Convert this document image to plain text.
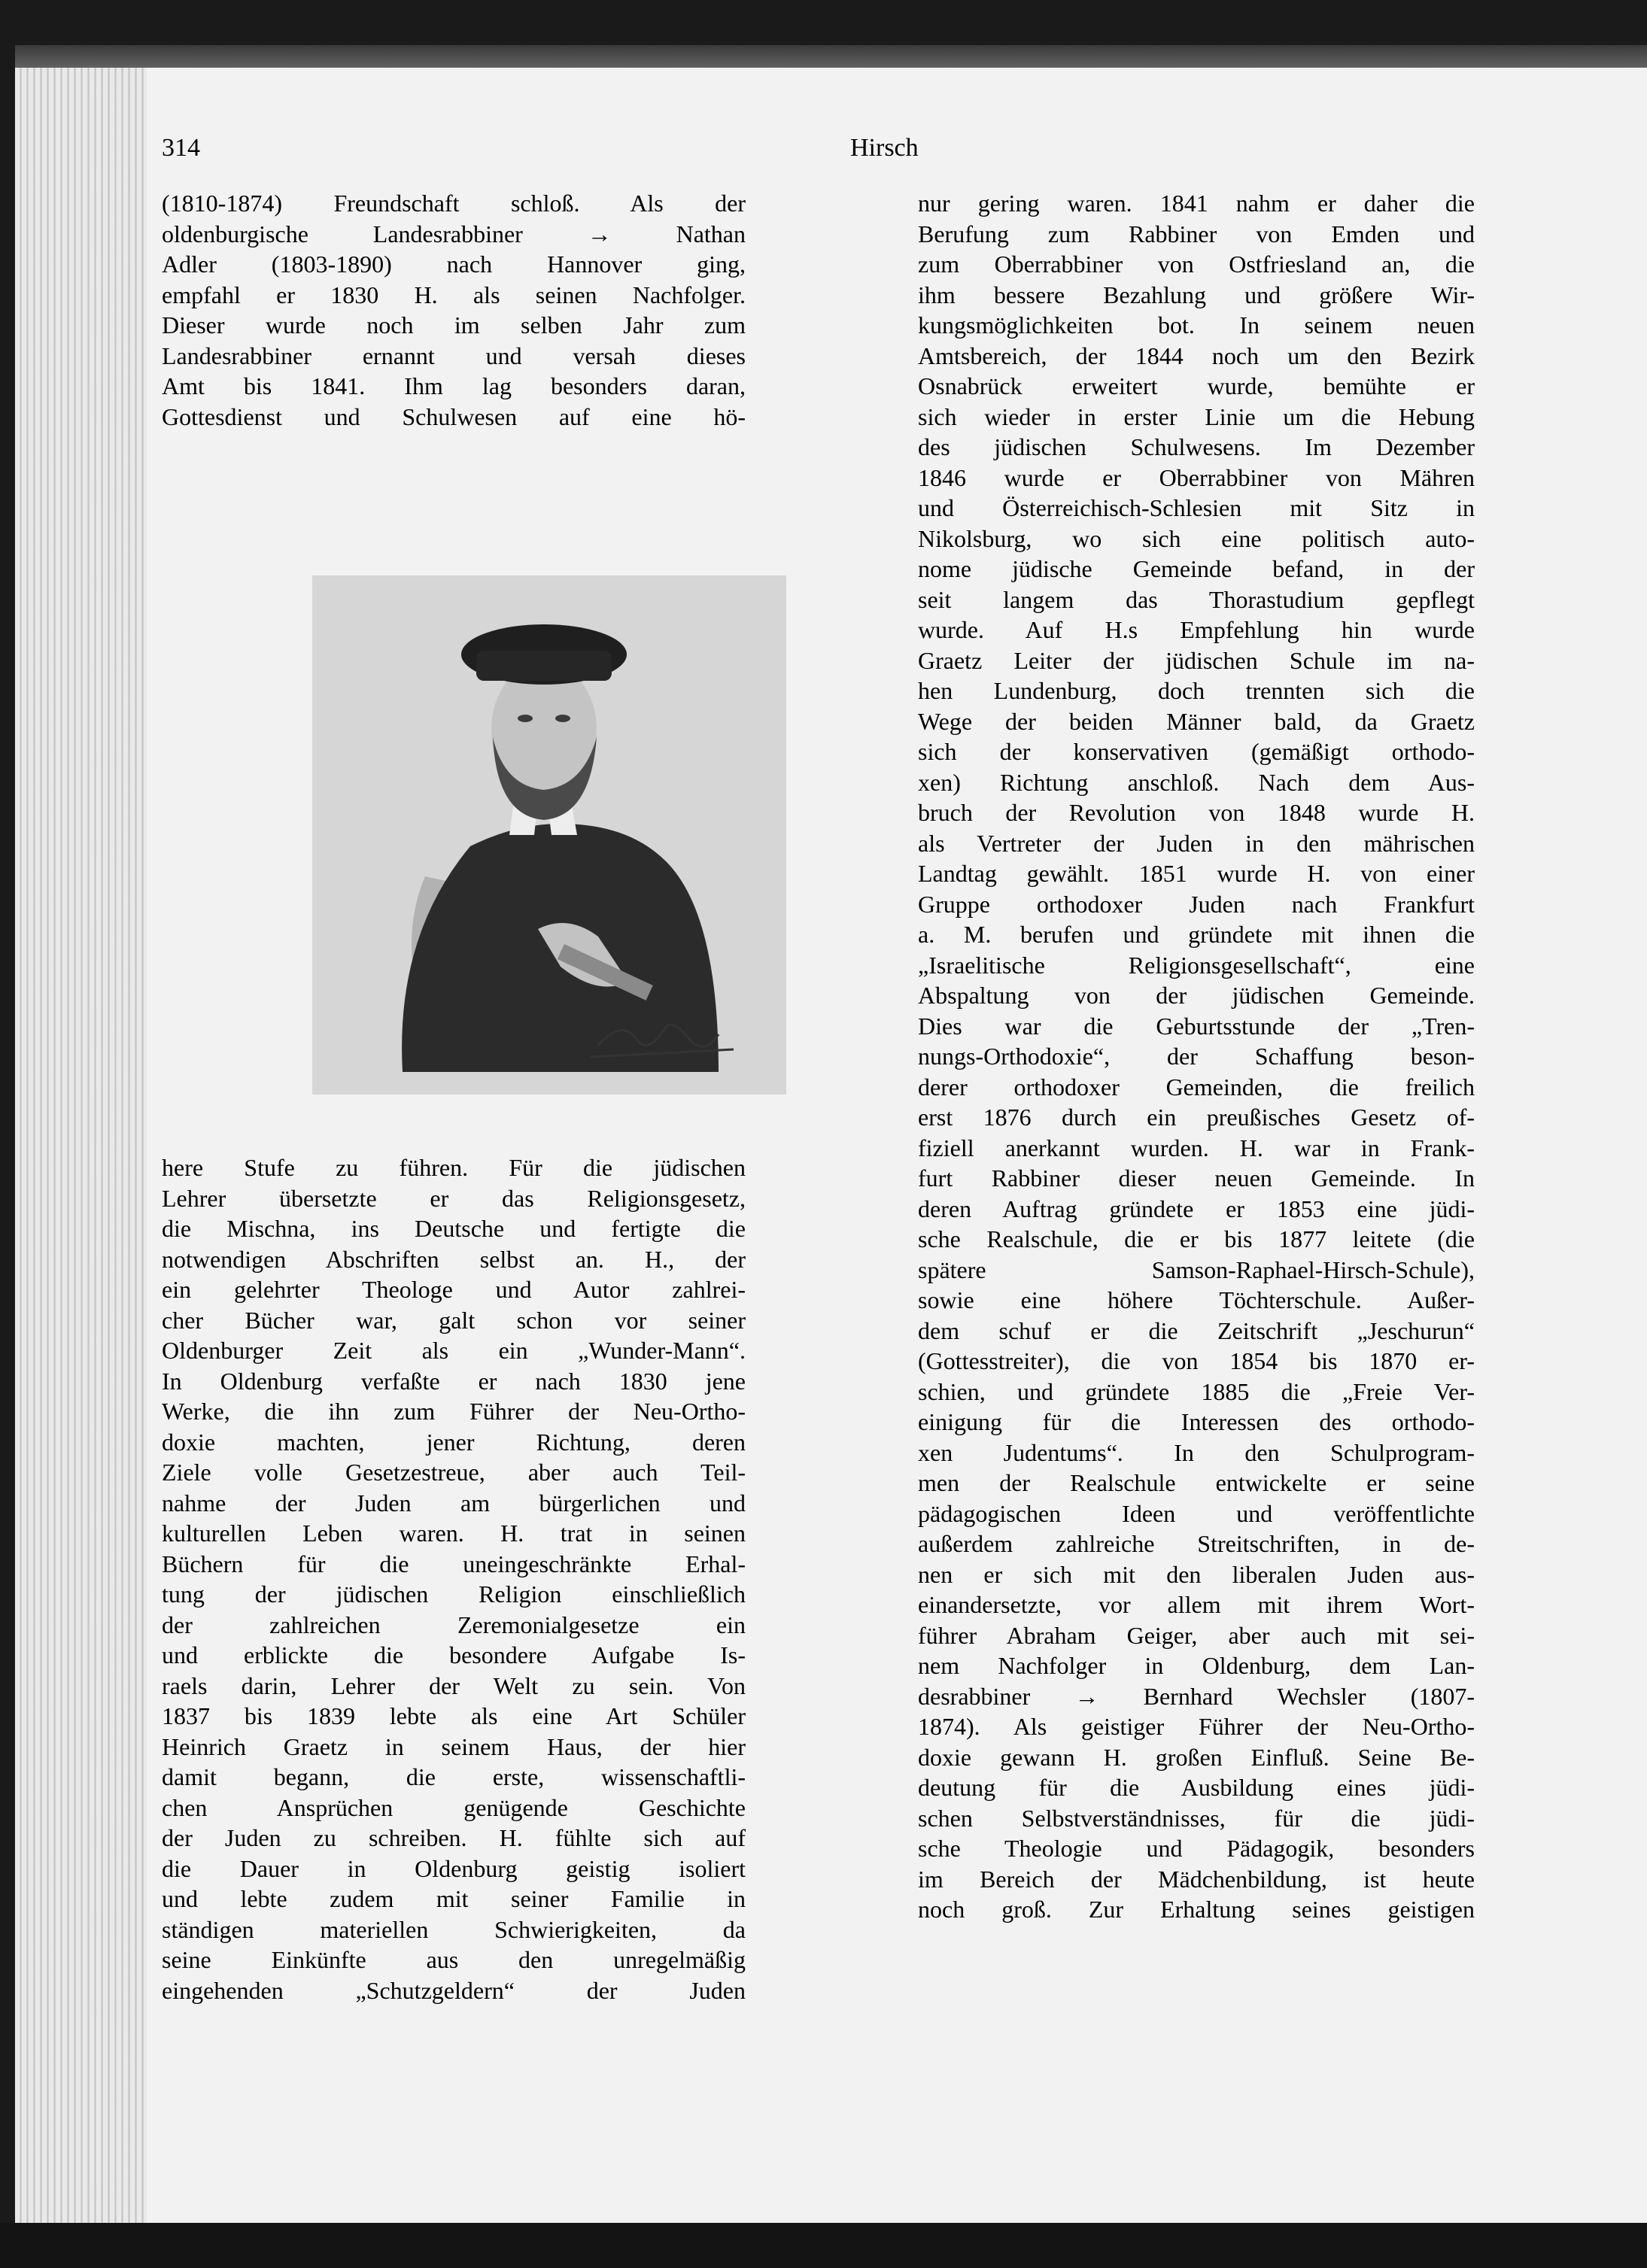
314	Hirsch
(1810-1874) Freundschaft schloß. Als der
oldenburgische Landesrabbiner → Nathan
Adler (1803-1890) nach Hannover ging,
empfahl er 1830 H. als seinen Nachfolger.
Dieser wurde noch im selben Jahr zum
Landesrabbiner ernannt und versah dieses
Amt bis 1841. Ihm lag besonders daran,
Gottesdienst und Schulwesen auf eine hö-
here Stufe zu führen. Für die jüdischen
Lehrer übersetzte er das Religionsgesetz,
die Mischna, ins Deutsche und fertigte die
notwendigen Abschriften selbst an. H., der
ein gelehrter Theologe und Autor zahlrei-
cher Bücher war, galt schon vor seiner
Oldenburger Zeit als ein „Wunder-Mann“.
In Oldenburg verfaßte er nach 1830 jene
Werke, die ihn zum Führer der Neu-Ortho-
doxie machten, jener Richtung, deren
Ziele volle Gesetzestreue, aber auch Teil-
nahme der Juden am bürgerlichen und
kulturellen Leben waren. H. trat in seinen
Büchern für die uneingeschränkte Erhal-
tung der jüdischen Religion einschließlich
der zahlreichen Zeremonialgesetze ein
und erblickte die besondere Aufgabe Is-
raels darin, Lehrer der Welt zu sein. Von
1837 bis 1839 lebte als eine Art Schüler
Heinrich Graetz in seinem Haus, der hier
damit begann, die erste, wissenschaftli-
chen Ansprüchen genügende Geschichte
der Juden zu schreiben. H. fühlte sich auf
die Dauer in Oldenburg geistig isoliert
und lebte zudem mit seiner Familie in
ständigen materiellen Schwierigkeiten, da
seine Einkünfte aus den unregelmäßig
eingehenden „Schutzgeldern“ der Juden
nur gering waren. 1841 nahm er daher die
Berufung zum Rabbiner von Emden und
zum Oberrabbiner von Ostfriesland an, die
ihm bessere Bezahlung und größere Wir-
kungsmöglichkeiten bot. In seinem neuen
Amtsbereich, der 1844 noch um den Bezirk
Osnabrück erweitert wurde, bemühte er
sich wieder in erster Linie um die Hebung
des jüdischen Schulwesens. Im Dezember
1846 wurde er Oberrabbiner von Mähren
und Österreichisch-Schlesien mit Sitz in
Nikolsburg, wo sich eine politisch auto-
nome jüdische Gemeinde befand, in der
seit langem das Thorastudium gepflegt
wurde. Auf H.s Empfehlung hin wurde
Graetz Leiter der jüdischen Schule im na-
hen Lundenburg, doch trennten sich die
Wege der beiden Männer bald, da Graetz
sich der konservativen (gemäßigt orthodo-
xen) Richtung anschloß. Nach dem Aus-
bruch der Revolution von 1848 wurde H.
als Vertreter der Juden in den mährischen
Landtag gewählt. 1851 wurde H. von einer
Gruppe orthodoxer Juden nach Frankfurt
a. M. berufen und gründete mit ihnen die
„Israelitische Religionsgesellschaft“, eine
Abspaltung von der jüdischen Gemeinde.
Dies war die Geburtsstunde der „Tren-
nungs-Orthodoxie“, der Schaffung beson-
derer orthodoxer Gemeinden, die freilich
erst 1876 durch ein preußisches Gesetz of-
fiziell anerkannt wurden. H. war in Frank-
furt Rabbiner dieser neuen Gemeinde. In
deren Auftrag gründete er 1853 eine jüdi-
sche Realschule, die er bis 1877 leitete (die
spätere Samson-Raphael-Hirsch-Schule),
sowie eine höhere Töchterschule. Außer-
dem schuf er die Zeitschrift „Jeschurun“
(Gottesstreiter), die von 1854 bis 1870 er-
schien, und gründete 1885 die „Freie Ver-
einigung für die Interessen des orthodo-
xen Judentums“. In den Schulprogram-
men der Realschule entwickelte er seine
pädagogischen Ideen und veröffentlichte
außerdem zahlreiche Streitschriften, in de-
nen er sich mit den liberalen Juden aus-
einandersetzte, vor allem mit ihrem Wort-
führer Abraham Geiger, aber auch mit sei-
nem Nachfolger in Oldenburg, dem Lan-
desrabbiner → Bernhard Wechsler (1807-
1874). Als geistiger Führer der Neu-Ortho-
doxie gewann H. großen Einfluß. Seine Be-
deutung für die Ausbildung eines jüdi-
schen Selbstverständnisses, für die jüdi-
sche Theologie und Pädagogik, besonders
im Bereich der Mädchenbildung, ist heute
noch groß. Zur Erhaltung seines geistigen
